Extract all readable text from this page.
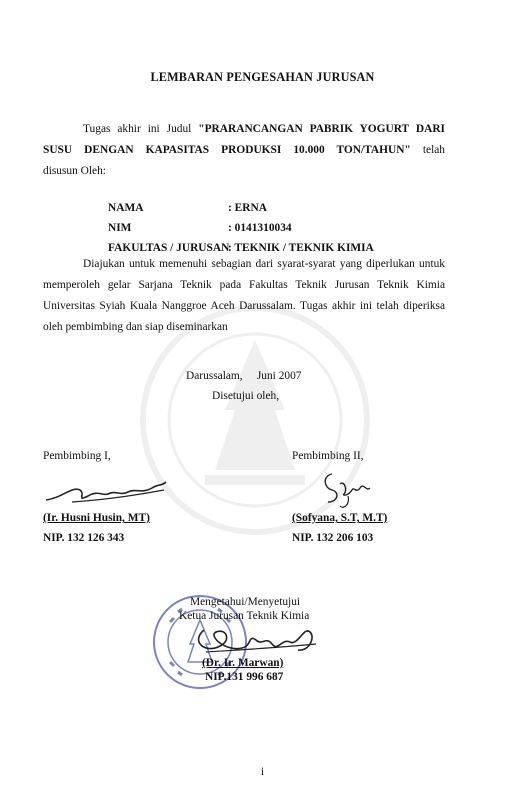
LEMBARAN PENGESAHAN JURUSAN
Tugas akhir ini Judul "PRARANCANGAN PABRIK YOGURT DARI
SUSU DENGAN KAPASITAS PRODUKSI 10.000 TON/TAHUN" telah
disusun Oleh:
NAMA	: ERNA
NIM	: 0141310034
FAKULTAS / JURUSAN: TEKNIK / TEKNIK KIMIA
Diajukan untuk memenuhi sebagian dari syarat-syarat yang diperlukan untuk
memperoleh gelar Sarjana Teknik pada Fakultas Teknik Jurusan Teknik Kimia
Universitas Syiah Kuala Nanggroe Aceh Darussalam. Tugas akhir ini telah diperiksa
oleh pembimbing dan siap diseminarkan
Darussalam,     Juni 2007
Disetujui oleh,
Pembimbing I,
(Ir. Husni Husin, MT)
NIP. 132 126 343
Pembimbing II,
(Sofyana, S.T, M.T)
NIP. 132 206 103
Mengetahui/Menyetujui
Ketua Jurusan Teknik Kimia
(Dr. Ir. Marwan)
NIP.131 996 687
i
